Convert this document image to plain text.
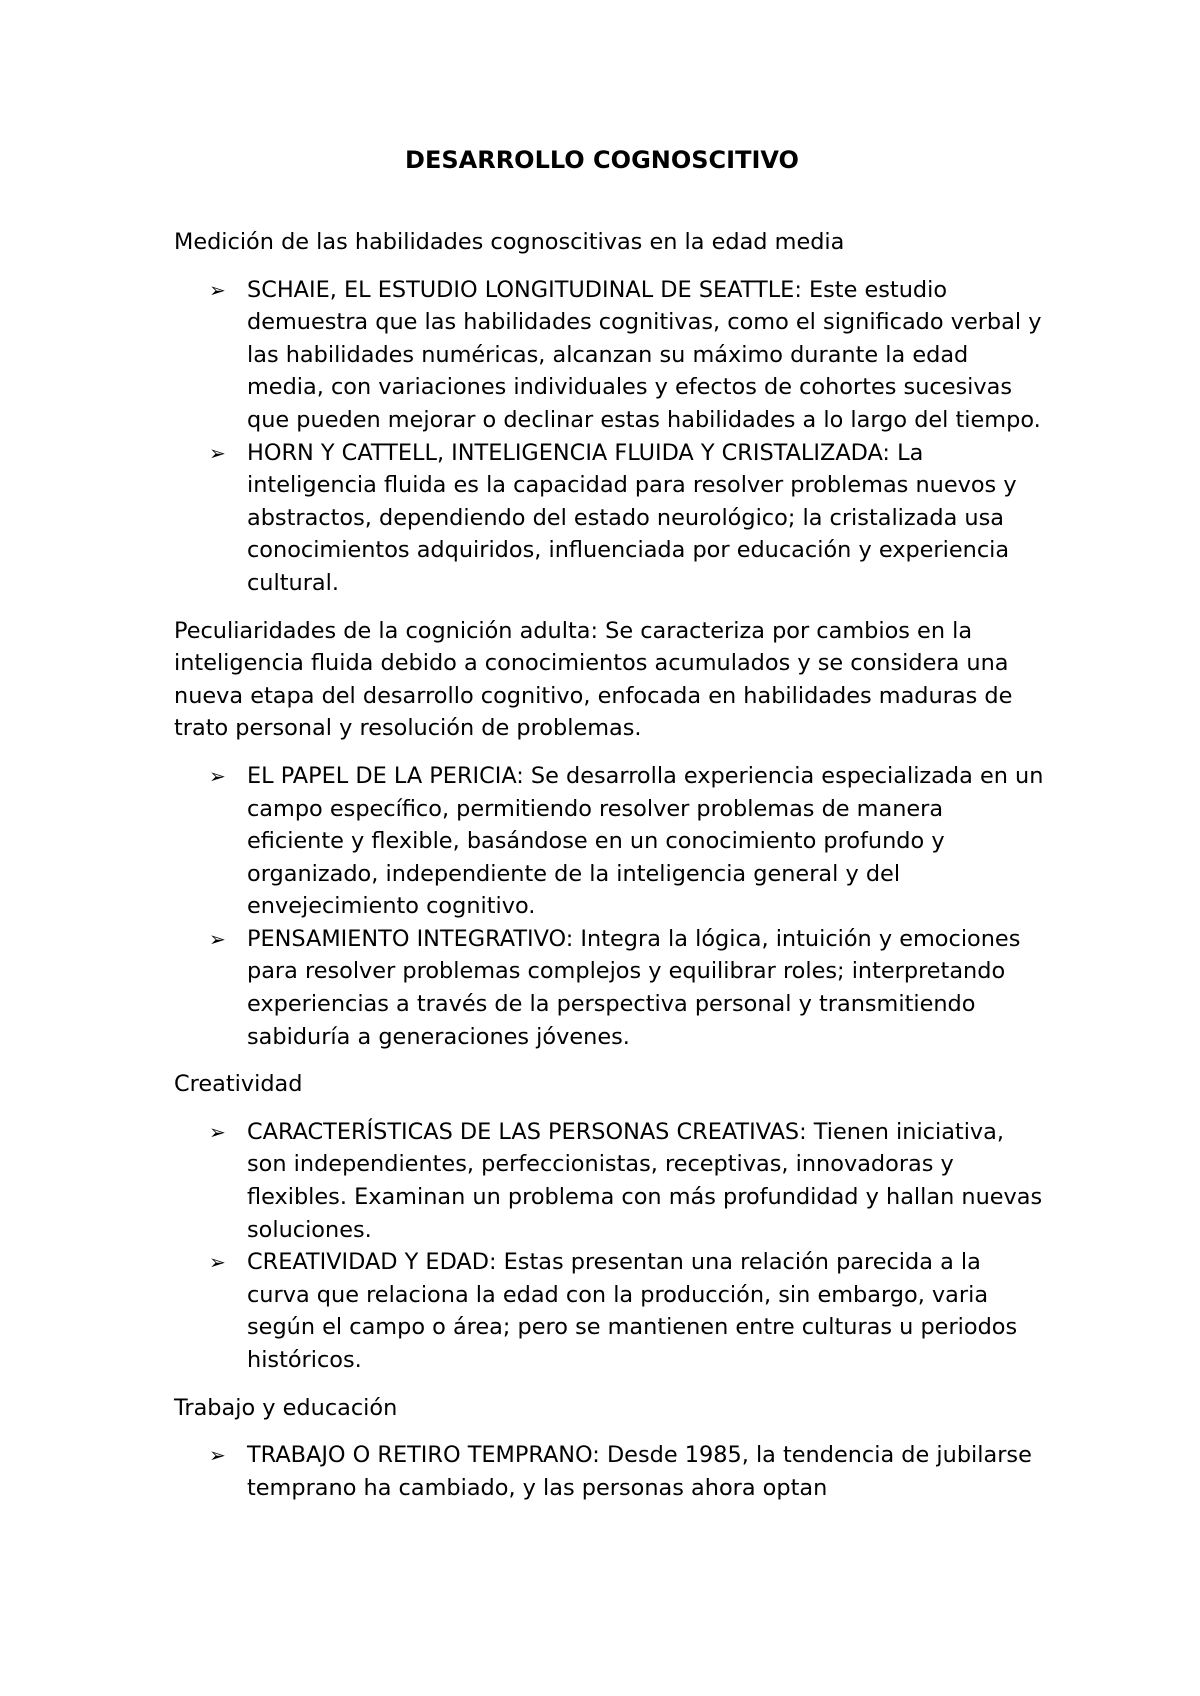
DESARROLLO COGNOSCITIVO

Medición de las habilidades cognoscitivas en la edad media

➢ SCHAIE, EL ESTUDIO LONGITUDINAL DE SEATTLE: Este estudio demuestra que las habilidades cognitivas, como el significado verbal y las habilidades numéricas, alcanzan su máximo durante la edad media, con variaciones individuales y efectos de cohortes sucesivas que pueden mejorar o declinar estas habilidades a lo largo del tiempo.
➢ HORN Y CATTELL, INTELIGENCIA FLUIDA Y CRISTALIZADA: La inteligencia fluida es la capacidad para resolver problemas nuevos y abstractos, dependiendo del estado neurológico; la cristalizada usa conocimientos adquiridos, influenciada por educación y experiencia cultural.

Peculiaridades de la cognición adulta: Se caracteriza por cambios en la inteligencia fluida debido a conocimientos acumulados y se considera una nueva etapa del desarrollo cognitivo, enfocada en habilidades maduras de trato personal y resolución de problemas.

➢ EL PAPEL DE LA PERICIA: Se desarrolla experiencia especializada en un campo específico, permitiendo resolver problemas de manera eficiente y flexible, basándose en un conocimiento profundo y organizado, independiente de la inteligencia general y del envejecimiento cognitivo.
➢ PENSAMIENTO INTEGRATIVO: Integra la lógica, intuición y emociones para resolver problemas complejos y equilibrar roles; interpretando experiencias a través de la perspectiva personal y transmitiendo sabiduría a generaciones jóvenes.

Creatividad

➢ CARACTERÍSTICAS DE LAS PERSONAS CREATIVAS: Tienen iniciativa, son independientes, perfeccionistas, receptivas, innovadoras y flexibles. Examinan un problema con más profundidad y hallan nuevas soluciones.
➢ CREATIVIDAD Y EDAD: Estas presentan una relación parecida a la curva que relaciona la edad con la producción, sin embargo, varia según el campo o área; pero se mantienen entre culturas u periodos históricos.

Trabajo y educación

➢ TRABAJO O RETIRO TEMPRANO: Desde 1985, la tendencia de jubilarse temprano ha cambiado, y las personas ahora optan
